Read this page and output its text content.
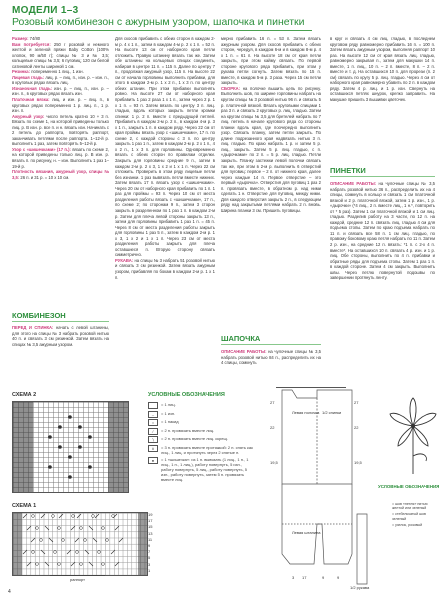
МОДЕЛИ 1–3
Розовый комбинезон с ажурным узором, шапочка и пинетки
Размер: 74/80
Вам потребуется: 250 г розовой и немного желтой и зеленой пряжи Baby Cotton (100% хлопок, 90 м/50 г); спицы № 3 и № 3,5; кольцевые спицы № 3,5; 6 пуговиц; 120 см белой сатиновой ленты шириной 1 см.
Резинка: попеременно 1 лиц., 1 изн.
Лицевая гладь: лиц. р. – лиц. п., изн. р. – изн. п., в круговых рядах вязать лиц.
Изнаночная гладь: изн. р. – лиц. п., изн. р. – изн. п., в круговых рядах вязать изн.
Платочная вязка: лиц. и изн. р. – лиц. п., в круговых рядах попеременно 1 р. лиц. п., 1 р. изн. п.
Ажурный узор: число петель кратно 10 + 3 п. Вязать по схеме 1, на которой приведены только лиц. р. В изн. р. все п. и н. вязать изн. Начинать с 2 петель до раппорта, повторять раппорт, заканчивать петлями после раппорта. 1–12-й р. выполнить 1 раз, затем повторять 5–12-й р.
Узор с «шишечками» (17 п.): вязать по схеме 2, на которой приведены только лиц. р. В изн. р. вязать п. по рисунку, н. – изн. Выполнить 1 раз 1–19-й р.
Плотность вязания, ажурный узор, спицы № 3,5: 26 п. и 31 р. = 10 х 10 см.
КОМБИНЕЗОН
ПЕРЕД И СПИНКА: начать с левой штанины, для этого на спицы № 3 набрать розовой нитью 40 п. и связать 3 см резинкой. Затем вязать на спицах № 3,5 ажурным узором.
Для скосов прибавить с обеих сторон в каждом 2-м р. 4 х 1 п., затем в каждом 4-м р. 2 х 1 п. = 52 п. На высоте 13 см от наборного края петли отложить. Правую штанину вязать так же. Затем обе штанины на кольцевых спицах соединить, набирая в центре 11 п. = 115 п. Далее по центру 7 п., продолжая ажурный узор, 115 п. На высоте 22 см от начала горловины выполнить прибавки, для этого в каждом 2-м р. 1 х 2 п., 1 х 3 п. по центру обеих штанин. При этом прибавки выполнять ровно. На высоте 27 см от наборного края прибавить 1 раз 2 раза 1 х 1 п., затем через 2 р. 1 х 1 п. = 93 п. Затем вязать по центру 3 п. лиц. гладью, вдоль которых закрыть петли кромки спинки: 1 р. 2 п. вместе с предыдущей петлей. Прибавить в каждом 2-м р. 2 п., в каждом 4-м р. 3 х 1 п., закрыть 1 п. в каждом ряду. Через 22 см от края проймы вязать узор с «шишечками», 17 п. по схеме 2, с каждой стороны с 3 п. по центру закрыть 1 раз 1 п., затем в каждом 2-м р. 2 х 1 п., 4 х 2 п., 1 х 3 п. для горловины. Одновременно вязать с обеих сторон по правилам отделки. Закрыть для горловины средние 9 п., затем в каждом 2-м р. 2 х 3, 1 х 2 и 1 х 1 п. Через 22 см отложить. Проверить в этом ряду лицевые петли без изнанки. 1 раз вывязать петли вместе нижних. Затем вязать 17 п. вязать узор с «шишечками». Через 20 см от наборного края прибавить по 1 п. 1 раз для проймы = 93 п. Через 10 см от места разделения работы вязать с «шишечками», 17 п., по схеме 2; по сторонам 9 п., затем 3 сторон закрыть в разделенном по 1 раз 1 п. в каждом 2-м р. Затем для плеча левой стороны закрыть 13 п., затем для горловины прибавить 1 раз 1 п. = 45 п. Через 8 см от места разделения работы закрыть для горловины 1 раз 5 п., затем в каждом 2-м р. 1 х 3, 1 х 2 и 1 х 1 п. Через 23 см от места разделения работы закрыть для плеча оставшиеся п. Вторую сторону связать симметрично.
РУКАВА: на спицы № 3 набрать 51 розовой нитью и связать 3 см резинкой. Затем вязать ажурным узором, прибавляя по бокам в каждом 2-м р. 1 х 1 п.
мерно прибавить 16 п. = 53 п. Затем вязать ажурным узором. Для скосов прибавить с обеих сторон, чередуя, в каждом 6-м и в каждом 8-м р. 4 х 1 п. = 61 п. На высоте 18 см от края петли закрыть, при этом кайму связать. По первой стороне кругового ряда прибавить, при этом у рукава петли согнуть. Затем вязать по 15 п. вместе, в каждом 5-м р. 3 раза. Через 15 см петли закрыть.
СБОРКА: на полочке вышить цепь по рисунку. Выполнить шов, по ширине горловины набрать на кругом спицы № 3 розовой нитью 96 п. и связать 5 р. платочной вязкой. Вязать круговыми спицами 1 раз 3 п. и связать 2 круговых р. лиц. гладью. Затем на кругом спицы № 3,5 для бретелей набрать по 7 лиц. петель в начале кругового ряда со стороны планки вдоль края, где поочередно выполнить узор. Связать планку, затем петли закрыть. По длине подрезанного края надвязать нитью 3 п. лиц. гладью. По краю набрать 1 р. и затем 5 р. лиц., закрыть. Затем 5 р. лиц. гладью, с п. «дырочками» по 2 п. = 5 р. лиц. гладью. Петли закрыть. Планку застежки левой полочки связать так же, при этом в 2-м р. выполнить 6 отверстий для пуговиц: первое – 2 п. от нижнего края, далее через каждые 14 п. Первое отверстие – это первый «дырочка». Отверстия для пуговиц 1 раз 2 п. провязать вместе, в обратном р. над ними сделать 1 н. Отверстие для пуговиц, между ними. Для каждого отверстия закрыть 2 п., в следующем ряду над закрытыми петлями набрать 2 п. вновь. Ширина планки 3 см. Пришить пуговицы.
ШАПОЧКА
ОПИСАНИЕ РАБОТЫ: на чулочные спицы № 3,5 набрать розовой нитью 84 п., распределить их на 4 спицы, сомкнуть
в круг и связать 4 см лиц. гладью, в последнем круговом ряду равномерно прибавить 16 п. = 100 п. Затем вязать ажурным узором, выполняя раппорт 10 раз. На высоте 12 см от края вязать лиц. гладью, равномерно закрывая п., затем для макушки 14 п. вместе, 1 п. лиц., 10 п. – 2 п. вместе, 8 п. – 2 п. вместе и т. д. На оставшихся 10 п. для прорези (п. 2 см) связать по кругу 5 р. лиц. гладью. Через 4 см от наборного края равномерно убавить по 2 п. в каждом ряду. Затем 4 р. лиц. и 1 р. изн. Свернуть на оставшихся петлях шнурок, крепко заправить. На макушке пришить 3 вышивки цветочек.
ПИНЕТКИ
ОПИСАНИЕ РАБОТЫ: на чулочные спицы № 3,5 набрать розовой нитью 36 п., распределить их на 4 спицы, сомкнуть в кольцо и связать 1 см платочной вязкой и 2 р. платочной вязкой, затем 1 р. изн., 1 р. «дырочки» (*4 лиц., 2 п. вместе лиц., 1 н.*, повторить от * 5 раз). Затем 1 см платочной вязкой и 1 см лиц. гладью. Разделив работу на 3 части, по 12 п. на каждой, средние 12 п. связать лиц. гладью 4 см для подъема стопы. Затем по краю подъема набрать по 11 п. и связать все 58 п. 1 см лиц. гладью, по правому боковому краю петля набрать по 11 п. Затем 2 р. изн., на средние 12 п. вязать: *1 п. с 2-х 4 п. вместе*. На оставшихся 10 п. связать 4 р. изн. и 1 р. лиц. Обе стороны, выполнить по 4 п. прибавки и обратные ряды для подъема стопы. Затем 1 раз 1 п. в каждой стороне. Затем 4 см закрыть. Выполнить швы. Через петлю повернутой подошвы по завершении протянуть ленту.
СХЕМА 2	УСЛОВНЫЕ ОБОЗНАЧЕНИЯ
= 1 лиц.
–	= 1 изн.
○	= 1 накид
∕	= 2 п. провязать вместе лиц.
∖	= 2 п. провязать вместе лиц. скрещ.
∧	= 3 п. провязать вместе протяжкой: 2 п. снять как лиц., 1 лиц. и протянуть через 2 снятые п.
●	= 1 «шишечка»: из 1 п. вывязать (1 лиц., 1 н., 1 лиц., 1 н., 1 лиц.), работу повернуть, 5 изн., работу повернуть, 5 лиц., работу повернуть, 5 изн., работу повернуть, затем 5 п. провязать вместе лиц.
СХЕМА 1
19
17
15
13
11
9
7
5
3
1
раппорт
27
22
19,5
27
22
19,5
3 17	9	9
Левая полочка 1/2 спинки
Левая штанина
1/2 рукава
УСЛОВНЫЕ ОБОЗНАЧЕНИЯ
= шов «петля» нитью желтой или зеленый
= стебельчатый шов зеленый
= узелок, розовый
4
